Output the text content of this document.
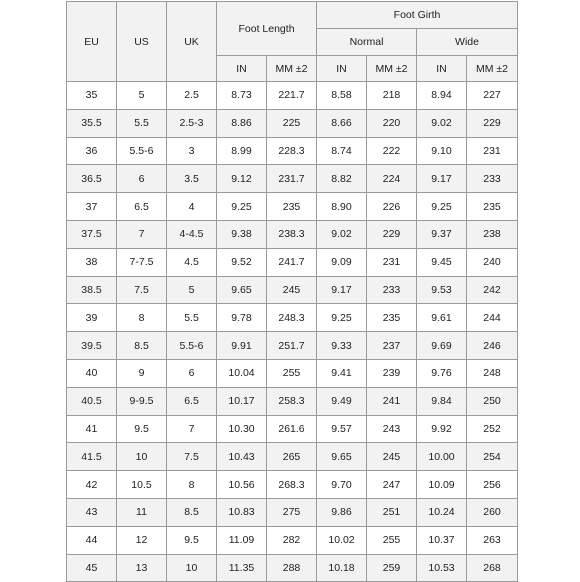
EU	US	UK	Foot Length		Foot Girth			
					Normal		Wide	
			IN	MM ±2	IN	MM ±2	IN	MM ±2
35	5	2.5	8.73	221.7	8.58	218	8.94	227
35.5	5.5	2.5-3	8.86	225	8.66	220	9.02	229
36	5.5-6	3	8.99	228.3	8.74	222	9.10	231
36.5	6	3.5	9.12	231.7	8.82	224	9.17	233
37	6.5	4	9.25	235	8.90	226	9.25	235
37.5	7	4-4.5	9.38	238.3	9.02	229	9.37	238
38	7-7.5	4.5	9.52	241.7	9.09	231	9.45	240
38.5	7.5	5	9.65	245	9.17	233	9.53	242
39	8	5.5	9.78	248.3	9.25	235	9.61	244
39.5	8.5	5.5-6	9.91	251.7	9.33	237	9.69	246
40	9	6	10.04	255	9.41	239	9.76	248
40.5	9-9.5	6.5	10.17	258.3	9.49	241	9.84	250
41	9.5	7	10.30	261.6	9.57	243	9.92	252
41.5	10	7.5	10.43	265	9.65	245	10.00	254
42	10.5	8	10.56	268.3	9.70	247	10.09	256
43	11	8.5	10.83	275	9.86	251	10.24	260
44	12	9.5	11.09	282	10.02	255	10.37	263
45	13	10	11.35	288	10.18	259	10.53	268
